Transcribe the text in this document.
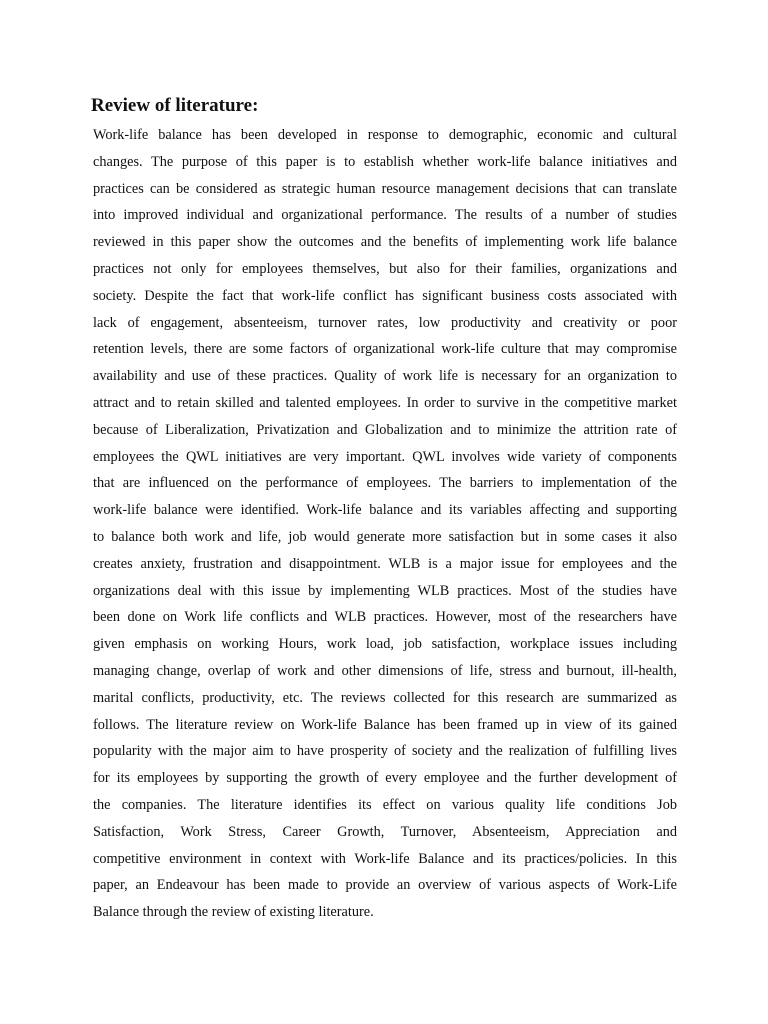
Review of literature:
Work-life balance has been developed in response to demographic, economic and cultural
changes. The purpose of this paper is to establish whether work-life balance initiatives and
practices can be considered as strategic human resource management decisions that can translate
into improved individual and organizational performance. The results of a number of studies
reviewed in this paper show the outcomes and the benefits of implementing work life balance
practices not only for employees themselves, but also for their families, organizations and
society. Despite the fact that work-life conflict has significant business costs associated with
lack of engagement, absenteeism, turnover rates, low productivity and creativity or poor
retention levels, there are some factors of organizational work-life culture that may compromise
availability and use of these practices. Quality of work life is necessary for an organization to
attract and to retain skilled and talented employees. In order to survive in the competitive market
because of Liberalization, Privatization and Globalization and to minimize the attrition rate of
employees the QWL initiatives are very important. QWL involves wide variety of components
that are influenced on the performance of employees. The barriers to implementation of the
work-life balance were identified. Work-life balance and its variables affecting and supporting
to balance both work and life, job would generate more satisfaction but in some cases it also
creates anxiety, frustration and disappointment. WLB is a major issue for employees and the
organizations deal with this issue by implementing WLB practices. Most of the studies have
been done on Work life conflicts and WLB practices. However, most of the researchers have
given emphasis on working Hours, work load, job satisfaction, workplace issues including
managing change, overlap of work and other dimensions of life, stress and burnout, ill-health,
marital conflicts, productivity, etc. The reviews collected for this research are summarized as
follows. The literature review on Work-life Balance has been framed up in view of its gained
popularity with the major aim to have prosperity of society and the realization of fulfilling lives
for its employees by supporting the growth of every employee and the further development of
the companies. The literature identifies its effect on various quality life conditions Job
Satisfaction, Work Stress, Career Growth, Turnover, Absenteeism, Appreciation and
competitive environment in context with Work-life Balance and its practices/policies. In this
paper, an Endeavour has been made to provide an overview of various aspects of Work-Life
Balance through the review of existing literature.
